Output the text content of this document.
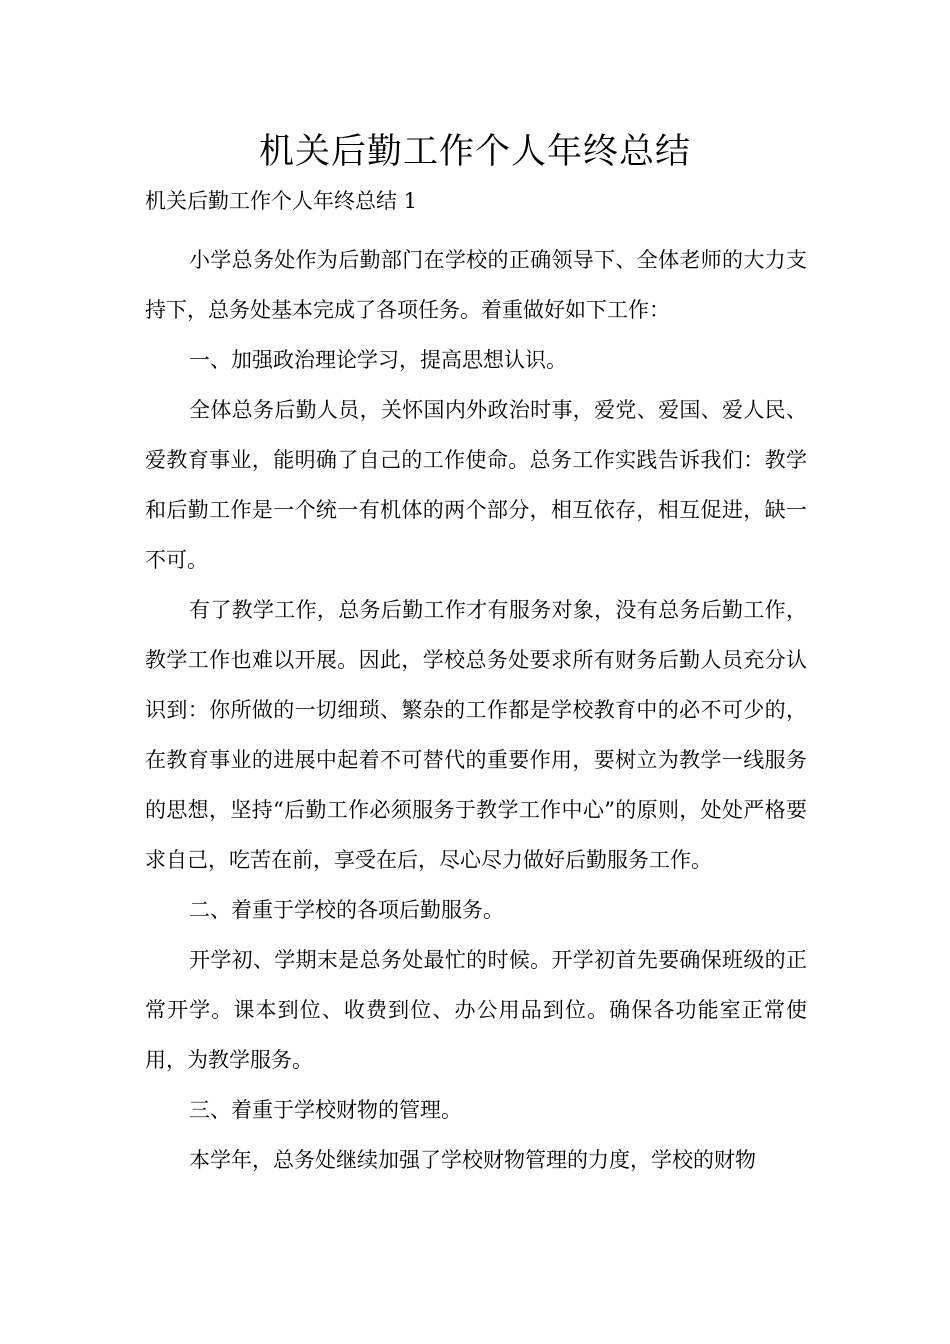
机关后勤工作个人年终总结

机关后勤工作个人年终总结 1

小学总务处作为后勤部门在学校的正确领导下、全体老师的大力支持下，总务处基本完成了各项任务。着重做好如下工作：

一、加强政治理论学习，提高思想认识。

全体总务后勤人员，关怀国内外政治时事，爱党、爱国、爱人民、爱教育事业，能明确了自己的工作使命。总务工作实践告诉我们：教学和后勤工作是一个统一有机体的两个部分，相互依存，相互促进，缺一不可。

有了教学工作，总务后勤工作才有服务对象，没有总务后勤工作，教学工作也难以开展。因此，学校总务处要求所有财务后勤人员充分认识到：你所做的一切细琐、繁杂的工作都是学校教育中的必不可少的，在教育事业的进展中起着不可替代的重要作用，要树立为教学一线服务的思想，坚持“后勤工作必须服务于教学工作中心”的原则，处处严格要求自己，吃苦在前，享受在后，尽心尽力做好后勤服务工作。

二、着重于学校的各项后勤服务。

开学初、学期末是总务处最忙的时候。开学初首先要确保班级的正常开学。课本到位、收费到位、办公用品到位。确保各功能室正常使用，为教学服务。

三、着重于学校财物的管理。

本学年，总务处继续加强了学校财物管理的力度，学校的财物
